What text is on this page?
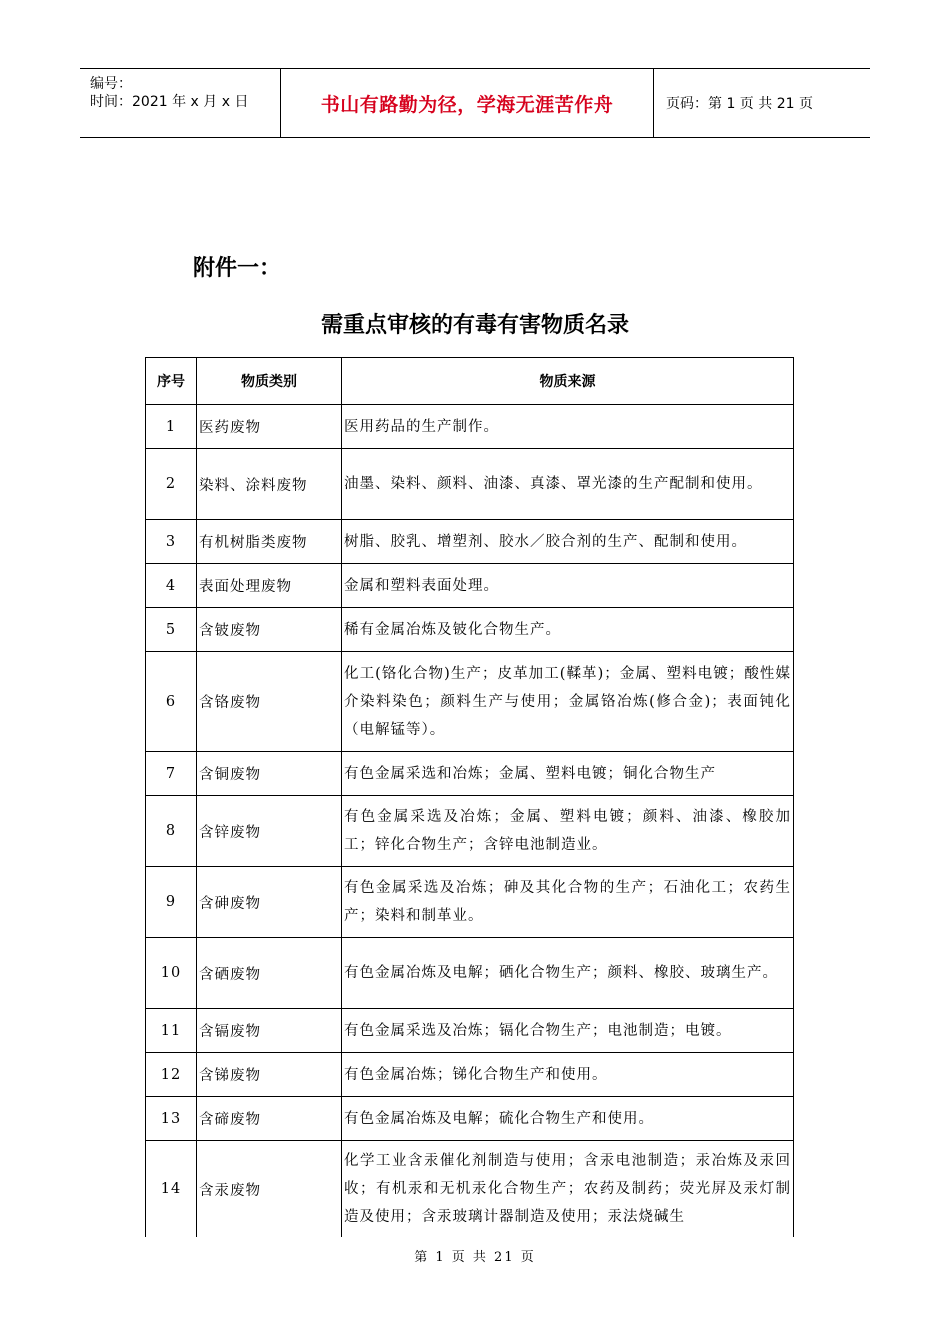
编号：
时间：2021 年 x 月 x 日	书山有路勤为径，学海无涯苦作舟	页码：第 1 页 共 21 页
附件一：
需重点审核的有毒有害物质名录
序号	物质类别	物质来源
1	医药废物	医用药品的生产制作。
2	染料、涂料废物	油墨、染料、颜料、油漆、真漆、罩光漆的生产配制和使用。
3	有机树脂类废物	树脂、胶乳、增塑剂、胶水／胶合剂的生产、配制和使用。
4	表面处理废物	金属和塑料表面处理。
5	含铍废物	稀有金属冶炼及铍化合物生产。
6	含铬废物	化工(铬化合物)生产；皮革加工(鞣革)；金属、塑料电镀；酸性媒介染料染色；颜料生产与使用；金属铬冶炼(修合金)；表面钝化（电解锰等）。
7	含铜废物	有色金属采选和冶炼；金属、塑料电镀；铜化合物生产
8	含锌废物	有色金属采选及冶炼；金属、塑料电镀；颜料、油漆、橡胶加工；锌化合物生产；含锌电池制造业。
9	含砷废物	有色金属采选及冶炼；砷及其化合物的生产；石油化工；农药生产；染料和制革业。
10	含硒废物	有色金属冶炼及电解；硒化合物生产；颜料、橡胶、玻璃生产。
11	含镉废物	有色金属采选及冶炼；镉化合物生产；电池制造；电镀。
12	含锑废物	有色金属冶炼；锑化合物生产和使用。
13	含碲废物	有色金属冶炼及电解；硫化合物生产和使用。
14	含汞废物	化学工业含汞催化剂制造与使用；含汞电池制造；汞冶炼及汞回收；有机汞和无机汞化合物生产；农药及制药；荧光屏及汞灯制造及使用；含汞玻璃计器制造及使用；汞法烧碱生
第 1 页 共 21 页
